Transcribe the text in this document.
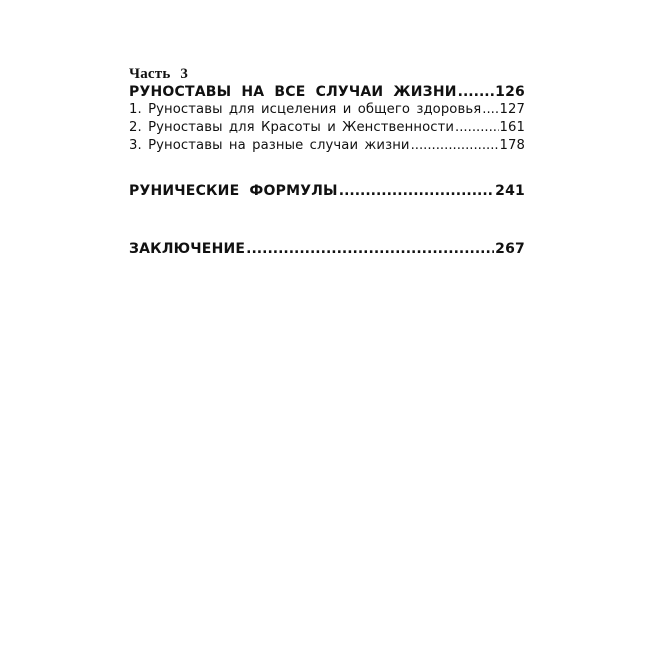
Часть 3

РУНОСТАВЫ НА ВСЕ СЛУЧАИ ЖИЗНИ .....	126
1. Руноставы для исцеления и общего здоровья ..... 127
2. Руноставы для Красоты и Женственности .....	161
3. Руноставы на разные случаи жизни .....	178
РУНИЧЕСКИЕ ФОРМУЛЫ .....	241
ЗАКЛЮЧЕНИЕ .....	267
